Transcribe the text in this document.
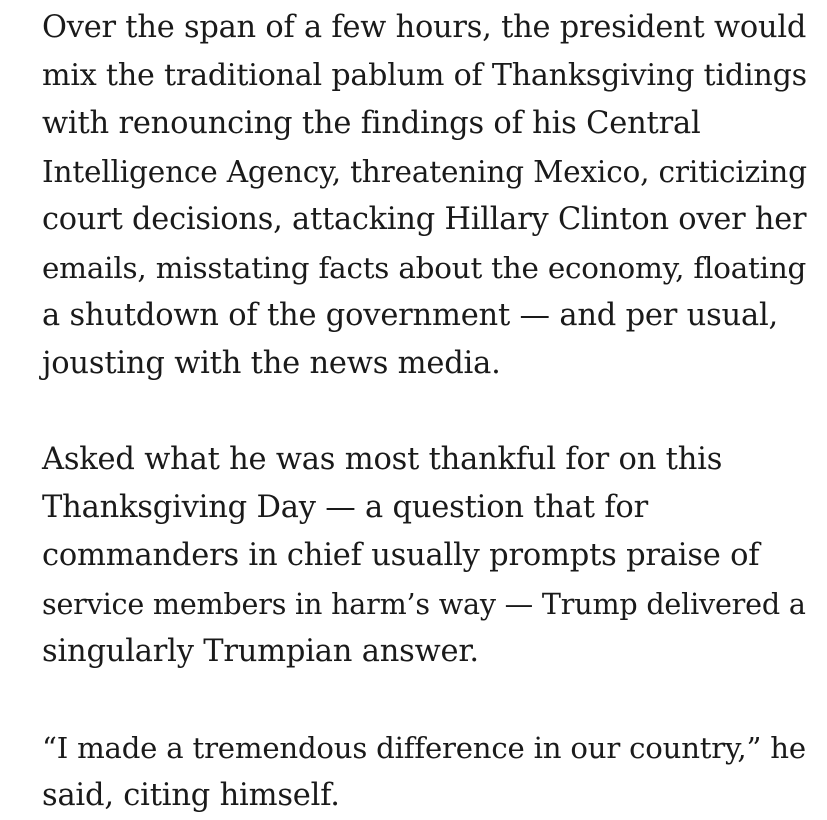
Over the span of a few hours, the president would
mix the traditional pablum of Thanksgiving tidings
with renouncing the findings of his Central
Intelligence Agency, threatening Mexico, criticizing
court decisions, attacking Hillary Clinton over her
emails, misstating facts about the economy, floating
a shutdown of the government — and per usual,
jousting with the news media.

Asked what he was most thankful for on this
Thanksgiving Day — a question that for
commanders in chief usually prompts praise of
service members in harm’s way — Trump delivered a
singularly Trumpian answer.

“I made a tremendous difference in our country,” he
said, citing himself.
